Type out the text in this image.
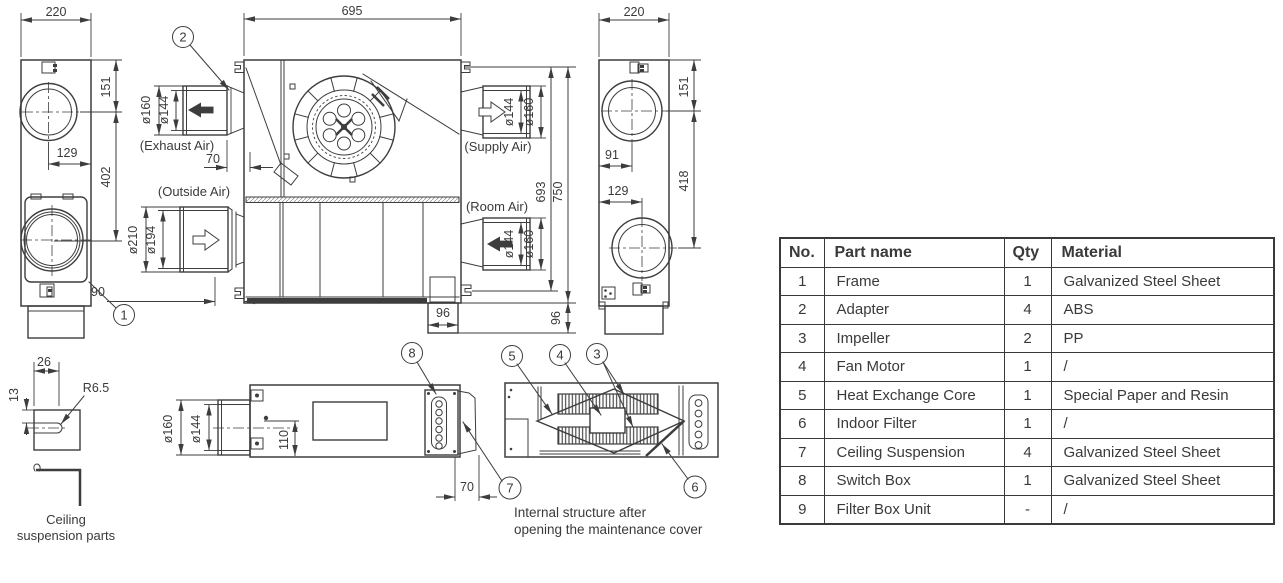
220
151
402
129
1
695
96
ø160 ø144
(Exhaust Air)
70
(Outside Air)
ø210 ø194
90
ø144 ø160
(Supply Air)
(Room Air)
ø144 ø160
693 750
96
2
220
151
418
91
129
26
13	R6.5
Ceiling
suspension parts
ø160 ø144	110
8
7
70
5	4 3
6
Internal structure after
opening the maintenance cover
No.	Part name	Qty	Material
1	Frame	1	Galvanized Steel Sheet
2	Adapter	4	ABS
3	Impeller	2	PP
4	Fan Motor	1	/
5	Heat Exchange Core	1	Special Paper and Resin
6	Indoor Filter	1	/
7	Ceiling Suspension	4	Galvanized Steel Sheet
8	Switch Box	1	Galvanized Steel Sheet
9	Filter Box Unit	-	/
